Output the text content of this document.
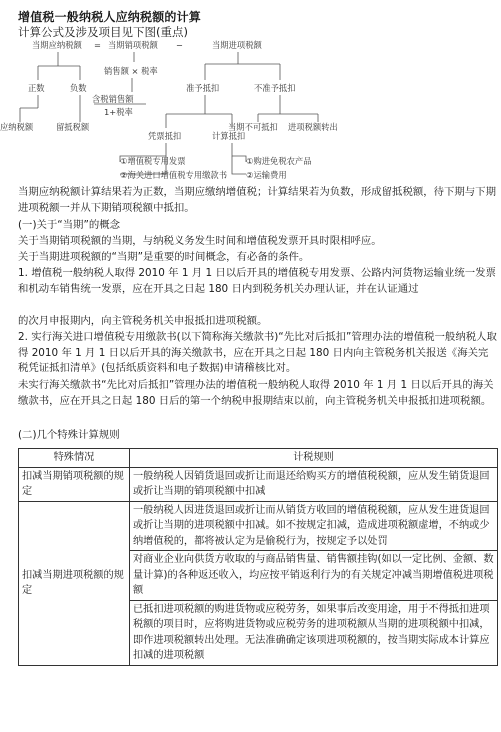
增值税一般纳税人应纳税额的计算
计算公式及涉及项目见下图(重点)
当期应纳税额 = 当期销项税额 −	当期进项税额
正数	负数
应纳税额	留抵税额
销售额 × 税率
含税销售额
1+税率
准予抵扣	不准予抵扣
凭票抵扣	计算抵扣
当期不可抵扣 进项税额转出
①增值税专用发票
②海关进口增值税专用缴款书
①购进免税农产品
②运输费用
当期应纳税额计算结果若为正数，当期应缴纳增值税；计算结果若为负数，形成留抵税额，待下期与下期进项税额一并从下期销项税额中抵扣。
(一)关于“当期”的概念
关于当期销项税额的当期，与纳税义务发生时间和增值税发票开具时限相呼应。
关于当期进项税额的“当期”是重要的时间概念，有必备的条件。
1. 增值税一般纳税人取得 2010 年 1 月 1 日以后开具的增值税专用发票、公路内河货物运输业统一发票和机动车销售统一发票，应在开具之日起 180 日内到税务机关办理认证，并在认证通过
的次月申报期内，向主管税务机关申报抵扣进项税额。
2. 实行海关进口增值税专用缴款书(以下简称海关缴款书)“先比对后抵扣”管理办法的增值税一般纳税人取得 2010 年 1 月 1 日以后开具的海关缴款书，应在开具之日起 180 日内向主管税务机关报送《海关完税凭证抵扣清单》(包括纸质资料和电子数据)申请稽核比对。
未实行海关缴款书“先比对后抵扣”管理办法的增值税一般纳税人取得 2010 年 1 月 1 日以后开具的海关缴款书，应在开具之日起 180 日后的第一个纳税申报期结束以前，向主管税务机关申报抵扣进项税额。
(二)几个特殊计算规则
特殊情况	计税规则
扣减当期销项税额的规定	一般纳税人因销货退回或折让而退还给购买方的增值税税额，应从发生销货退回或折让当期的销项税额中扣减
扣减当期进项税额的规定	一般纳税人因进货退回或折让而从销货方收回的增值税税额，应从发生进货退回或折让当期的进项税额中扣减。如不按规定扣减，造成进项税额虚增，不纳或少纳增值税的，都将被认定为是偷税行为，按规定予以处罚
	对商业企业向供货方收取的与商品销售量、销售额挂钩(如以一定比例、金额、数量计算)的各种返还收入，均应按平销返利行为的有关规定冲减当期增值税进项税额
	已抵扣进项税额的购进货物或应税劳务，如果事后改变用途，用于不得抵扣进项税额的项目时，应将购进货物或应税劳务的进项税额从当期的进项税额中扣减，即作进项税额转出处理。无法准确确定该项进项税额的，按当期实际成本计算应扣减的进项税额
